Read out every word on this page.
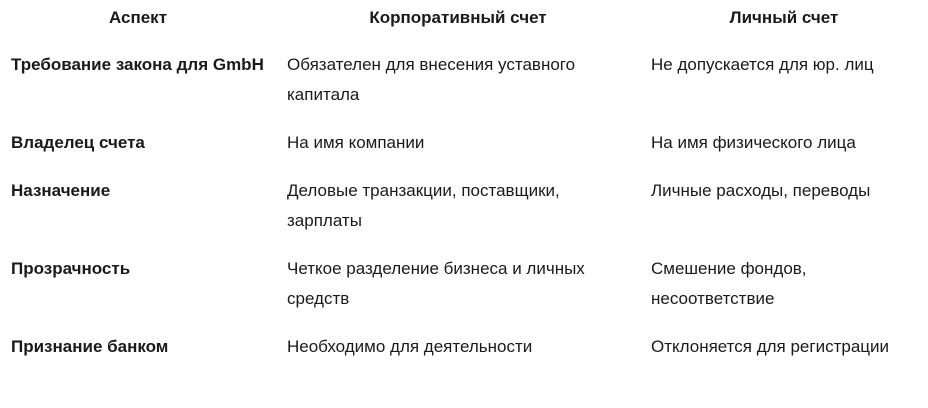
Аспект	Корпоративный счет	Личный счет
Требование закона для GmbH	Обязателен для внесения уставного капитала	Не допускается для юр. лиц
Владелец счета	На имя компании	На имя физического лица
Назначение	Деловые транзакции, поставщики, зарплаты	Личные расходы, переводы
Прозрачность	Четкое разделение бизнеса и личных средств	Смешение фондов, несоответствие
Признание банком	Необходимо для деятельности	Отклоняется для регистрации
